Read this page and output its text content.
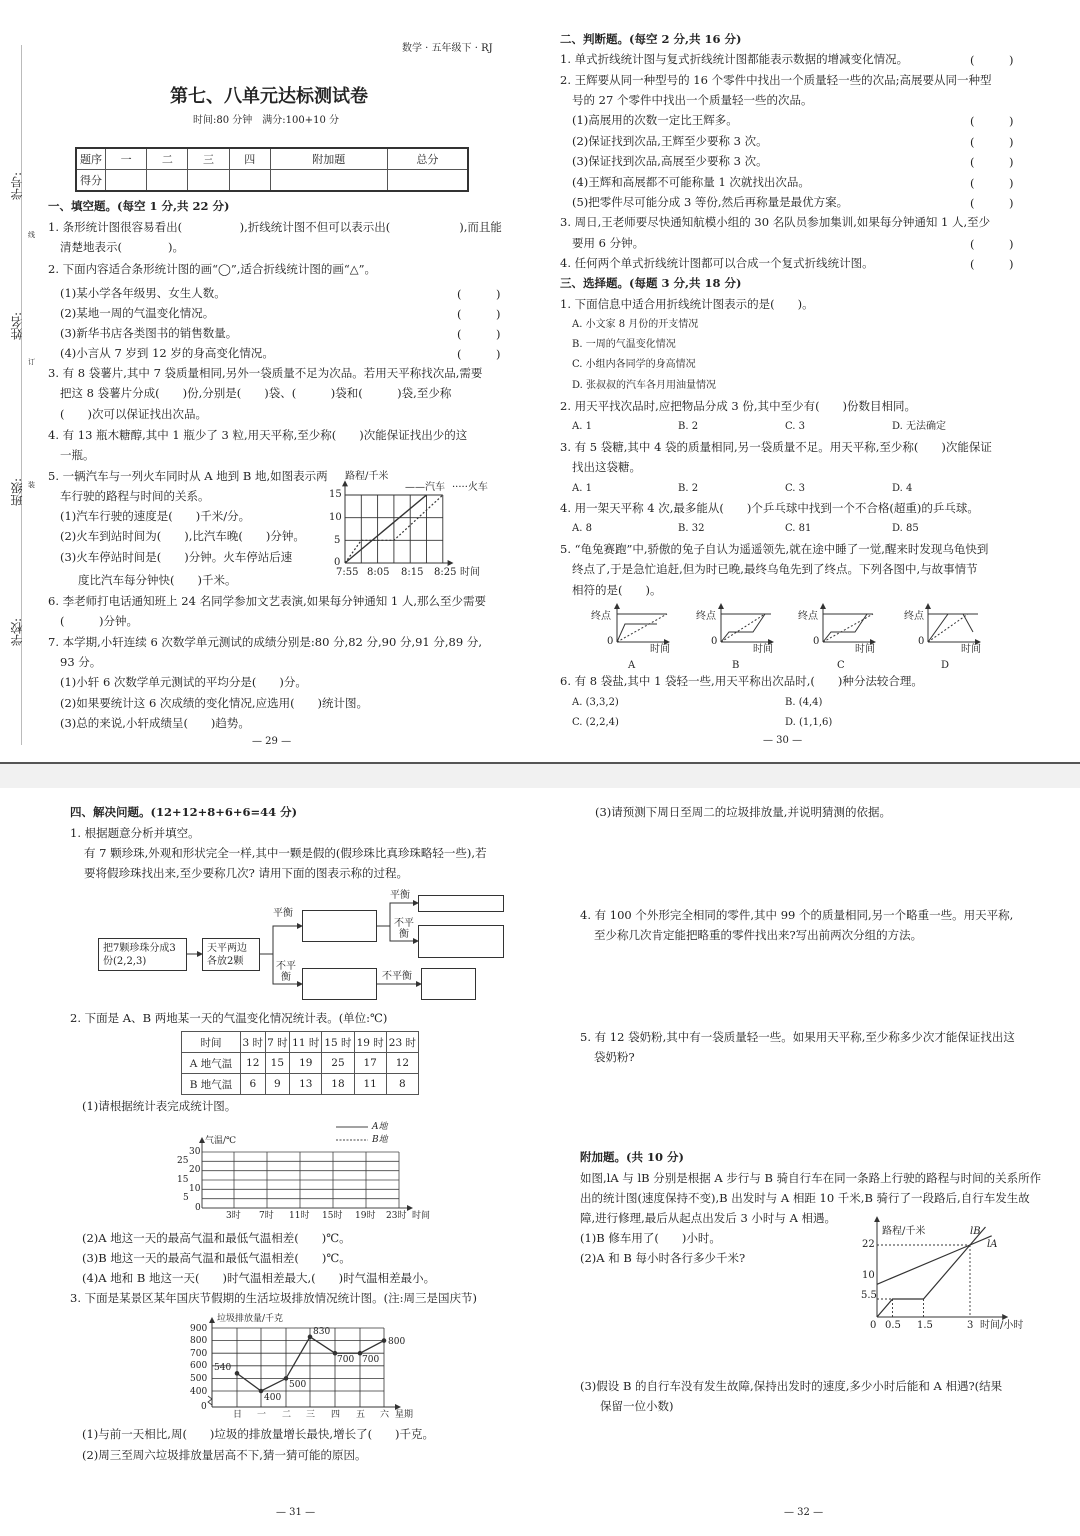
数学 · 五年级下 · RJ
第七、八单元达标测试卷
时间:80 分钟　满分:100+10 分
学号:
姓名:
班级:
学校:
线
订
装
题序	一	二	三	四	附加题	总分
得分						
一、填空题。(每空 1 分,共 22 分)
1. 条形统计图很容易看出(　　　　　),折线统计图不但可以表示出(　　　　　　),而且能
清楚地表示(　　　　)。
2. 下面内容适合条形统计图的画“◯”,适合折线统计图的画“△”。
(1)某小学各年级男、女生人数。	(　　　)
(2)某地一周的气温变化情况。	(　　　)
(3)新华书店各类图书的销售数量。	(　　　)
(4)小言从 7 岁到 12 岁的身高变化情况。	(　　　)
3. 有 8 袋薯片,其中 7 袋质量相同,另外一袋质量不足为次品。若用天平称找次品,需要
把这 8 袋薯片分成(　　)份,分别是(　　)袋、(　　　)袋和(　　　)袋,至少称
(　　)次可以保证找出次品。
4. 有 13 瓶木糖醇,其中 1 瓶少了 3 粒,用天平称,至少称(　　)次能保证找出少的这
一瓶。
5. 一辆汽车与一列火车同时从 A 地到 B 地,如图表示两
车行驶的路程与时间的关系。
(1)汽车行驶的速度是(　　)千米/分。
(2)火车到站时间为(　　),比汽车晚(　　)分钟。
(3)火车停站时间是(　　)分钟。火车停站后速
度比汽车每分钟快(　　)千米。
6. 李老师打电话通知班上 24 名同学参加文艺表演,如果每分钟通知 1 人,那么至少需要
(　　　)分钟。
7. 本学期,小轩连续 6 次数学单元测试的成绩分别是:80 分,82 分,90 分,91 分,89 分,
93 分。
(1)小轩 6 次数学单元测试的平均分是(　　)分。
(2)如果要统计这 6 次成绩的变化情况,应选用(　　)统计图。
(3)总的来说,小轩成绩呈(　　)趋势。
— 29 —
路程/千米
——汽车 ·····火车
0
5
10
15
7:55 8:05 8:15 8:25 时间
二、判断题。(每空 2 分,共 16 分)
1. 单式折线统计图与复式折线统计图都能表示数据的增减变化情况。	(　　　)
2. 王辉要从同一种型号的 16 个零件中找出一个质量轻一些的次品;高展要从同一种型
号的 27 个零件中找出一个质量轻一些的次品。
(1)高展用的次数一定比王辉多。	(　　　)
(2)保证找到次品,王辉至少要称 3 次。	(　　　)
(3)保证找到次品,高展至少要称 3 次。	(　　　)
(4)王辉和高展都不可能称量 1 次就找出次品。	(　　　)
(5)把零件尽可能分成 3 等份,然后再称量是最优方案。	(　　　)
3. 周日,王老师要尽快通知航模小组的 30 名队员参加集训,如果每分钟通知 1 人,至少
要用 6 分钟。	(　　　)
4. 任何两个单式折线统计图都可以合成一个复式折线统计图。	(　　　)
三、选择题。(每题 3 分,共 18 分)
1. 下面信息中适合用折线统计图表示的是(　　)。
A. 小文家 8 月份的开支情况
B. 一周的气温变化情况
C. 小组内各同学的身高情况
D. 张叔叔的汽车各月用油量情况
2. 用天平找次品时,应把物品分成 3 份,其中至少有(　　)份数目相同。
A. 1	B. 2	C. 3	D. 无法确定
3. 有 5 袋糖,其中 4 袋的质量相同,另一袋质量不足。用天平称,至少称(　　)次能保证
找出这袋糖。
A. 1	B. 2	C. 3	D. 4
4. 用一架天平称 4 次,最多能从(　　)个乒乓球中找到一个不合格(超重)的乒乓球。
A. 8	B. 32	C. 81	D. 85
5. “龟兔赛跑”中,骄傲的兔子自认为遥遥领先,就在途中睡了一觉,醒来时发现乌龟快到
终点了,于是急忙追赶,但为时已晚,最终乌龟先到了终点。下列各图中,与故事情节
相符的是(　　)。
终点	终点	终点	终点
0	0	0	0
时间	时间	时间	时间
A	B	C	D
6. 有 8 袋盐,其中 1 袋轻一些,用天平称出次品时,(　　)种分法较合理。
A. (3,3,2)	B. (4,4)
C. (2,2,4)	D. (1,1,6)
— 30 —
四、解决问题。(12+12+8+6+6=44 分)
1. 根据题意分析并填空。
有 7 颗珍珠,外观和形状完全一样,其中一颗是假的(假珍珠比真珍珠略轻一些),若
要将假珍珠找出来,至少要称几次? 请用下面的图表示称的过程。
把7颗珍珠分成3份(2,2,3)
天平两边各放2颗
平衡
不平衡
平衡
不平衡
不平衡
2. 下面是 A、B 两地某一天的气温变化情况统计表。(单位:℃)
时间	3 时	7 时	11 时	15 时	19 时	23 时
A 地气温	12	15	19	25	17	12
B 地气温	6	9	13	18	11	8
(1)请根据统计表完成统计图。
气温/℃
A地
B地
0
5
10
15
20
25
30
3时 7时 11时 15时 19时 23时 时间
(2)A 地这一天的最高气温和最低气温相差(　　)℃。
(3)B 地这一天的最高气温和最低气温相差(　　)℃。
(4)A 地和 B 地这一天(　　)时气温相差最大,(　　)时气温相差最小。
3. 下面是某景区某年国庆节假期的生活垃圾排放情况统计图。(注:周三是国庆节)
垃圾排放量/千克
0
400
500
600
700
800
900
日 一 二 三 四 五 六 星期
540
400
500
830
700 700
800
(1)与前一天相比,周(　　)垃圾的排放量增长最快,增长了(　　)千克。
(2)周三至周六垃圾排放量居高不下,猜一猜可能的原因。
— 31 —
(3)请预测下周日至周二的垃圾排放量,并说明猜测的依据。
4. 有 100 个外形完全相同的零件,其中 99 个的质量相同,另一个略重一些。用天平称,
至少称几次肯定能把略重的零件找出来?写出前两次分组的方法。
5. 有 12 袋奶粉,其中有一袋质量轻一些。如果用天平称,至少称多少次才能保证找出这
袋奶粉?
附加题。(共 10 分)
如图,lA 与 lB 分别是根据 A 步行与 B 骑自行车在同一条路上行驶的路程与时间的关系所作
出的统计图(速度保持不变),B 出发时与 A 相距 10 千米,B 骑行了一段路后,自行车发生故
障,进行修理,最后从起点出发后 3 小时与 A 相遇。
(1)B 修车用了(　　)小时。
(2)A 和 B 每小时各行多少千米?
路程/千米	lB
lA
5.5
10
22
0 0.5 1.5	3 时间/小时
(3)假设 B 的自行车没有发生故障,保持出发时的速度,多少小时后能和 A 相遇?(结果
保留一位小数)
— 32 —
